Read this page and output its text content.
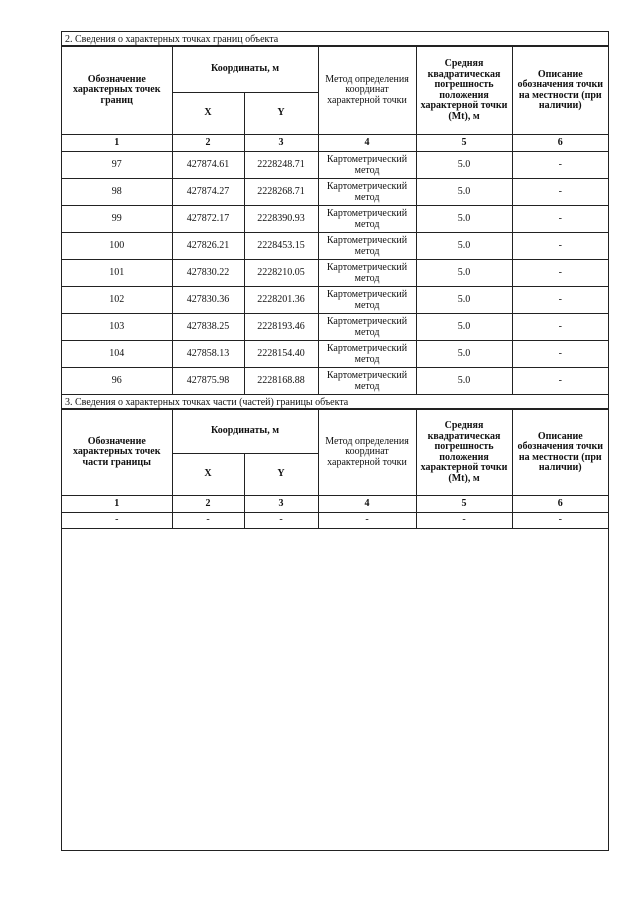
2. Сведения о характерных точках границ объекта
Обозначение характерных точек границ	Координаты, м		Метод определения координат характерной точки	Средняя квадратическая погрешность положения характерной точки (Mt), м	Описание обозначения точки на местности (при наличии)
	X	Y			
1	2	3	4	5	6
97	427874.61	2228248.71	Картометрический метод	5.0	-
98	427874.27	2228268.71	Картометрический метод	5.0	-
99	427872.17	2228390.93	Картометрический метод	5.0	-
100	427826.21	2228453.15	Картометрический метод	5.0	-
101	427830.22	2228210.05	Картометрический метод	5.0	-
102	427830.36	2228201.36	Картометрический метод	5.0	-
103	427838.25	2228193.46	Картометрический метод	5.0	-
104	427858.13	2228154.40	Картометрический метод	5.0	-
96	427875.98	2228168.88	Картометрический метод	5.0	-
3. Сведения о характерных точках части (частей) границы объекта
Обозначение характерных точек части границы	Координаты, м		Метод определения координат характерной точки	Средняя квадратическая погрешность положения характерной точки (Mt), м	Описание обозначения точки на местности (при наличии)
	X	Y			
1	2	3	4	5	6
-	-	-	-	-	-
